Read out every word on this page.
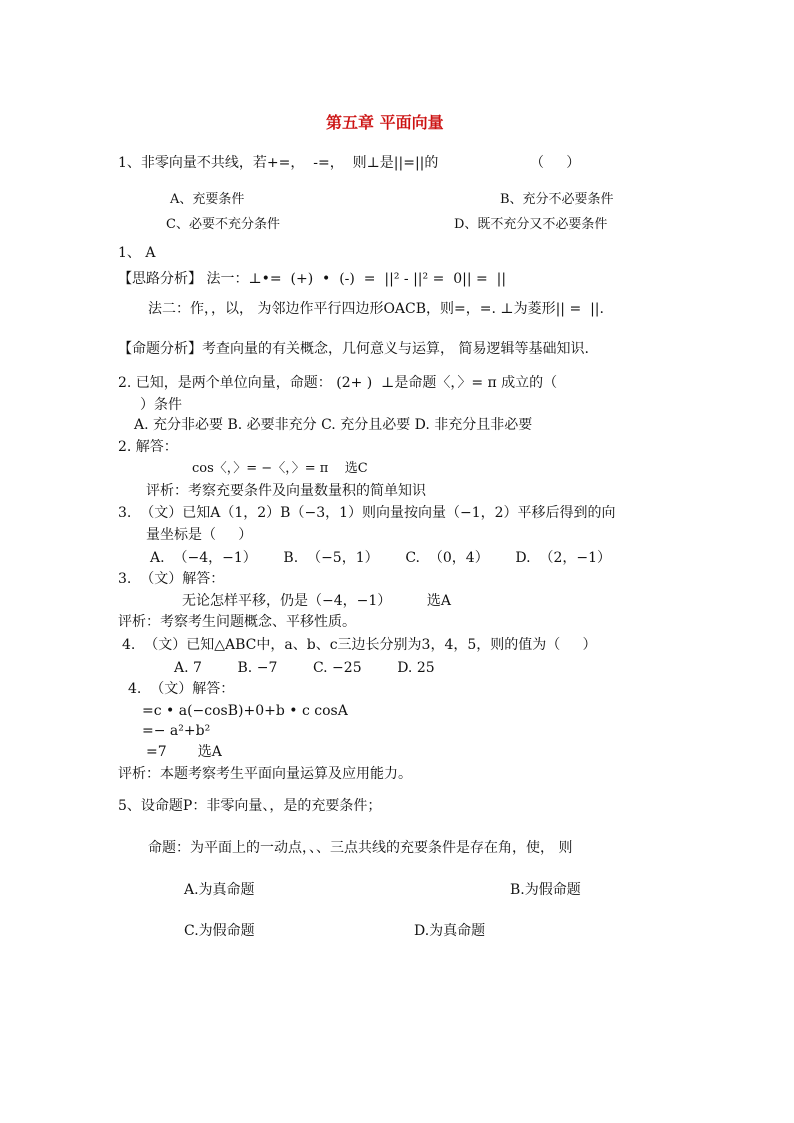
第五章 平面向量
1、非零向量不共线，若+=，  -=，  则⊥是||=||的	（     ）
A、充要条件	B、充分不必要条件
C、必要不充分条件	D、既不充分又不必要条件
1、 A
【思路分析】 法一：⊥•=  (+)  •  (-)  =  ||² - ||² =  0|| =  ||
法二：作，，以， 为邻边作平行四边形OACB，则=，=. ⊥为菱形|| =  ||.
【命题分析】考查向量的有关概念，几何意义与运算， 简易逻辑等基础知识.
2. 已知，是两个单位向量，命题： (2+ )  ⊥是命题〈，〉= π 成立的（
）条件
A. 充分非必要 B. 必要非充分 C. 充分且必要 D. 非充分且非必要
2. 解答：
cos〈，〉= −〈，〉= π    选C
评析：考察充要条件及向量数量积的简单知识
3.  （文）已知A（1，2）B（−3，1）则向量按向量（−1，2）平移后得到的向
量坐标是（     ）
A.  （−4，−1）      B.  （−5，1）      C.  （0，4）      D.  （2，−1）
3.  （文）解答：
无论怎样平移，仍是（−4，−1）        选A
评析：考察考生问题概念、平移性质。
4.  （文）已知△ABC中，a、b、c三边长分别为3，4，5，则的值为（     ）
A. 7        B. −7        C. −25        D. 25
4.  （文）解答：
=c • a(−cosB)+0+b • c cosA
=− a²+b²
=7       选A
评析：本题考察考生平面向量运算及应用能力。
5、设命题P：非零向量、，是的充要条件；
命题：为平面上的一动点，、、三点共线的充要条件是存在角，使， 则
A.为真命题	B.为假命题
C.为假命题	D.为真命题
